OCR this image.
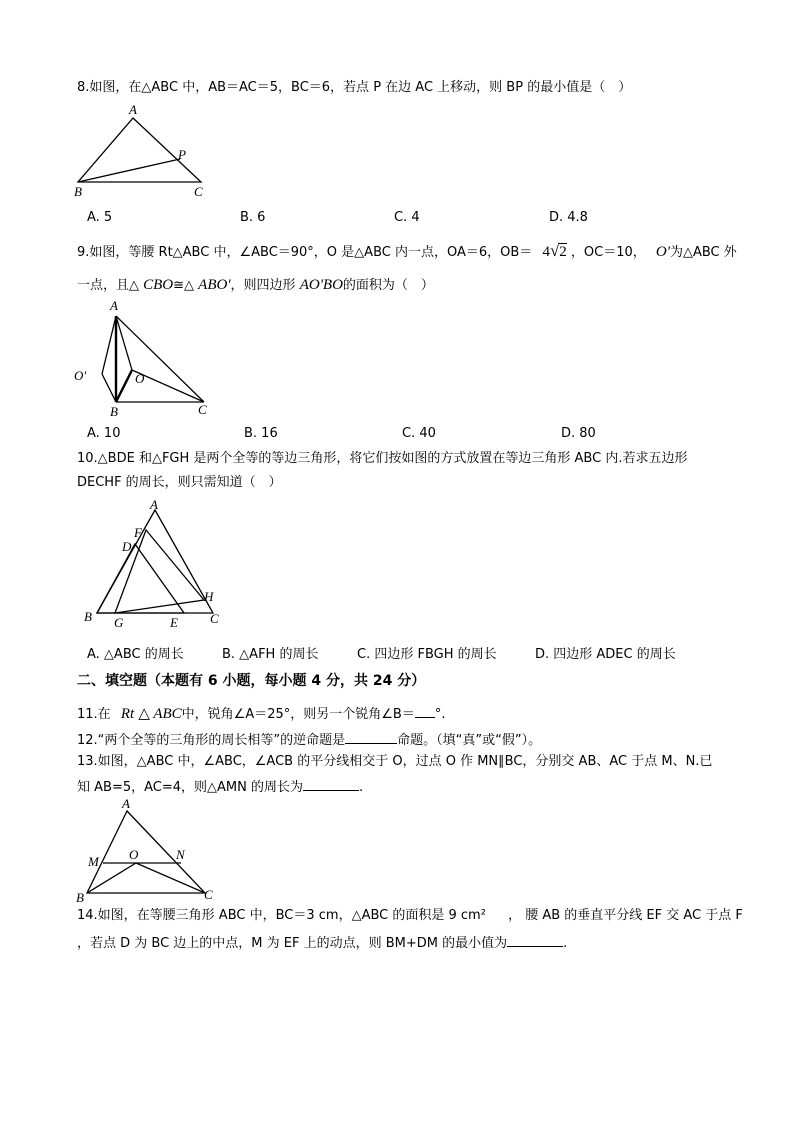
8.如图，在△ABC 中，AB＝AC＝5，BC＝6，若点 P 在边 AC 上移动，则 BP 的最小值是（　）
A
P
B	C
A. 5	B. 6	C. 4	D. 4.8
9.如图，等腰 Rt△ABC 中，∠ABC＝90°，O 是△ABC 内一点，OA＝6，OB＝ 4√2 ，OC＝10， O'为△ABC 外
一点，且△ CBO≅△ ABO'，则四边形 AO'BO的面积为（　）
A
O'	O
B	C
A. 10	B. 16	C. 40	D. 80
10.△BDE 和△FGH 是两个全等的等边三角形，将它们按如图的方式放置在等边三角形 ABC 内.若求五边形
DECHF 的周长，则只需知道（　）
A
F
D
H
B G	E C
A. △ABC 的周长	B. △AFH 的周长	C. 四边形 FBGH 的周长	D. 四边形 ADEC 的周长
二、填空题（本题有 6 小题，每小题 4 分，共 24 分）
11.在 Rt △ ABC中，锐角∠A＝25°，则另一个锐角∠B＝ °.
12.“两个全等的三角形的周长相等”的逆命题是	命题。（填“真”或“假”）。
13.如图，△ABC 中，∠ABC，∠ACB 的平分线相交于 O，过点 O 作 MN∥BC，分别交 AB、AC 于点 M、N.已
知 AB=5，AC=4，则△AMN 的周长为	.
A
M O	N
B	C
14.如图，在等腰三角形 ABC 中，BC＝3 cm，△ABC 的面积是 9 cm² ， 腰 AB 的垂直平分线 EF 交 AC 于点 F
，若点 D 为 BC 边上的中点，M 为 EF 上的动点，则 BM+DM 的最小值为	.
